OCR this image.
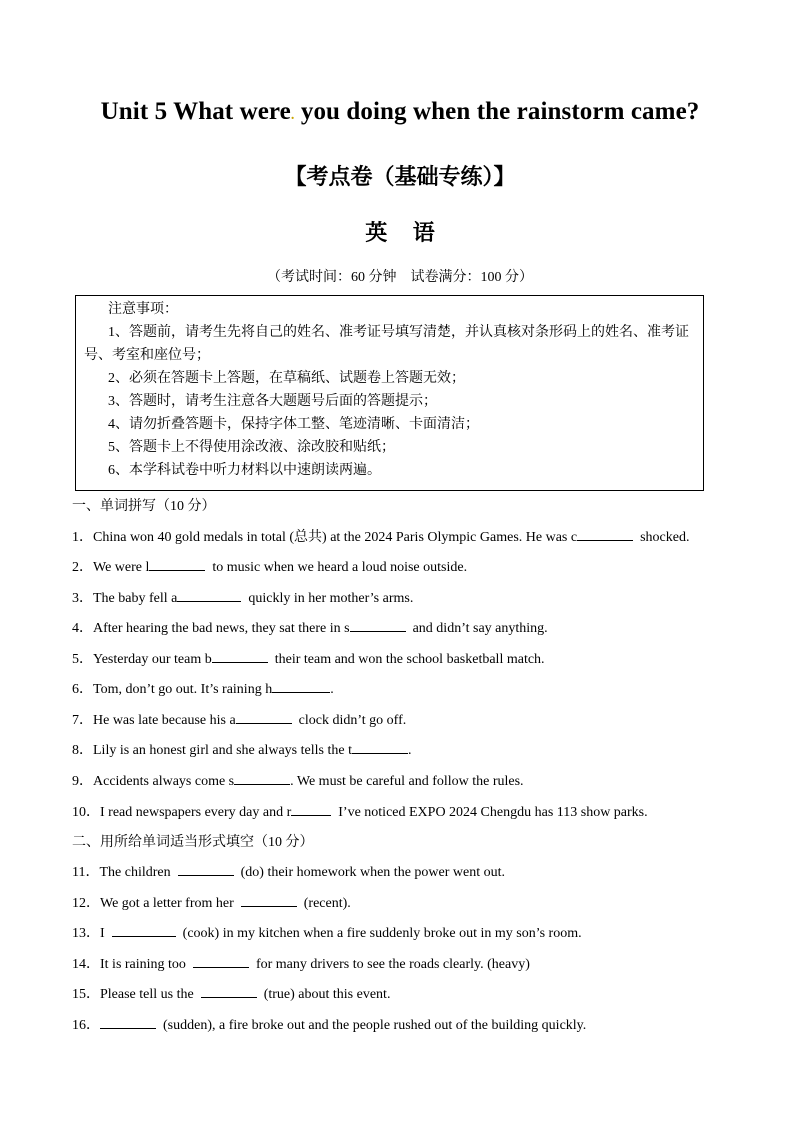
Unit 5 What were. you doing when the rainstorm came?
【考点卷（基础专练）】
英 语
（考试时间：60 分钟　试卷满分：100 分）
注意事项：

1、答题前，请考生先将自己的姓名、准考证号填写清楚，并认真核对条形码上的姓名、准考证号、考室和座位号；

2、必须在答题卡上答题，在草稿纸、试题卷上答题无效；

3、答题时，请考生注意各大题题号后面的答题提示；

4、请勿折叠答题卡，保持字体工整、笔迹清晰、卡面清洁；

5、答题卡上不得使用涂改液、涂改胶和贴纸；

6、本学科试卷中听力材料以中速朗读两遍。

一、单词拼写（10 分）
1．China won 40 gold medals in total (总共) at the 2024 Paris Olympic Games. He was c	shocked.
2．We were l	to music when we heard a loud noise outside.
3．The baby fell a	quickly in her mother’s arms.
4．After hearing the bad news, they sat there in s	and didn’t say anything.
5．Yesterday our team b	their team and won the school basketball match.
6．Tom, don’t go out. It’s raining h	.
7．He was late because his a	clock didn’t go off.
8．Lily is an honest girl and she always tells the t	.
9．Accidents always come s	. We must be careful and follow the rules.
10．I read newspapers every day and r	I’ve noticed EXPO 2024 Chengdu has 113 show parks.
二、用所给单词适当形式填空（10 分）
11．The children	(do) their homework when the power went out.
12．We got a letter from her	(recent).
13．I	(cook) in my kitchen when a fire suddenly broke out in my son’s room.
14．It is raining too	for many drivers to see the roads clearly. (heavy)
15．Please tell us the	(true) about this event.
16．	(sudden), a fire broke out and the people rushed out of the building quickly.
